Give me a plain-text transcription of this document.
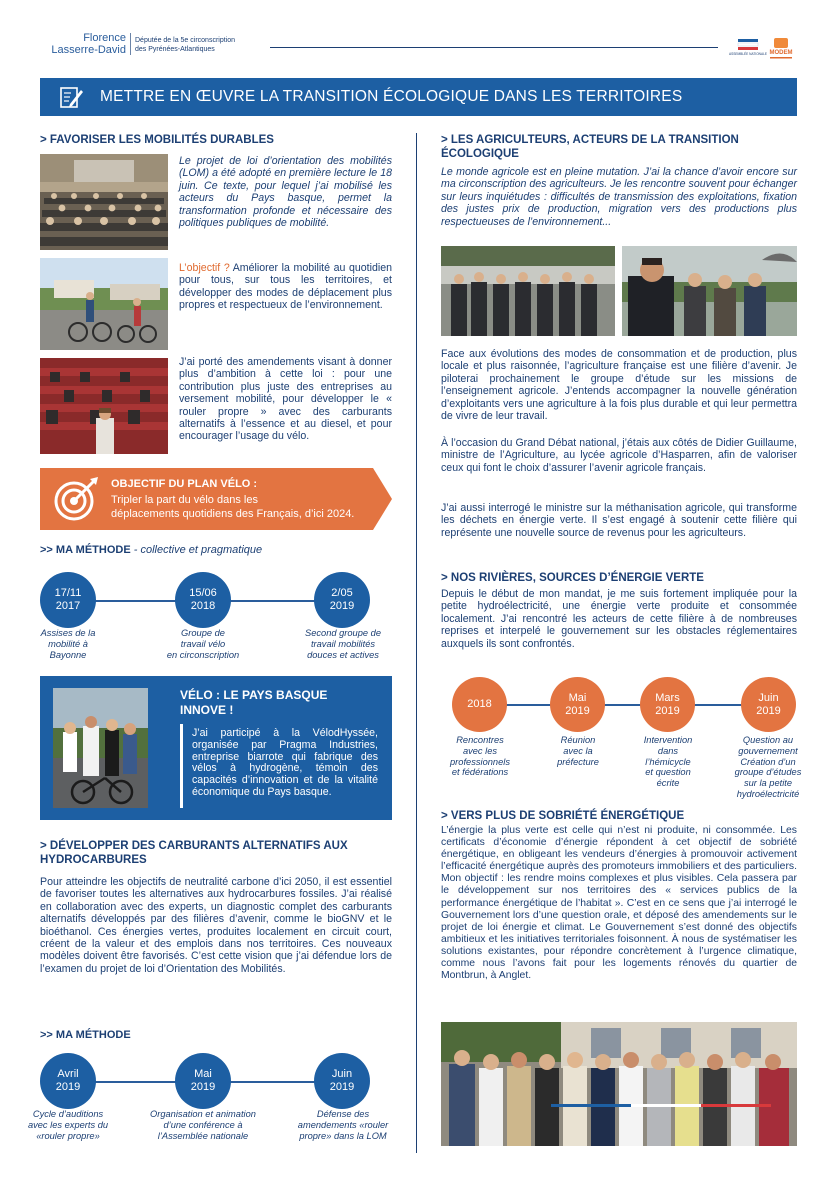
Florence
Lasserre-David
Députée de la 5e circonscription
des Pyrénées-Atlantiques
ASSEMBLÉE NATIONALE MODEM
METTRE EN ŒUVRE LA TRANSITION ÉCOLOGIQUE DANS LES TERRITOIRES
> FAVORISER LES MOBILITÉS DURABLES
Le projet de loi d’orientation des mobilités (LOM) a été adopté en première lecture le 18 juin. Ce texte, pour lequel j’ai mobilisé les acteurs du Pays basque, permet la transformation profonde et nécessaire des politiques publiques de mobilité.
L’objectif ? Améliorer la mobilité au quotidien pour tous, sur tous les territoires, et développer des modes de déplacement plus propres et respectueux de l’environnement.
J’ai porté des amendements visant à donner plus d’ambition à cette loi : pour une contribution plus juste des entreprises au versement mobilité, pour développer le « rouler propre » avec des carburants alternatifs à l’essence et au diesel, et pour encourager l’usage du vélo.
OBJECTIF DU PLAN VÉLO :
Tripler la part du vélo dans les
déplacements quotidiens des Français, d’ici 2024.
>> MA MÉTHODE - collective et pragmatique
17/11
2017
15/06
2018
2/05
2019
Assises de la
mobilité à
Bayonne
Groupe de
travail vélo
en circonscription
Second groupe de
travail mobilités
douces et actives
VÉLO : LE PAYS BASQUE
INNOVE !
J’ai participé à la VélodHyssée, organisée par Pragma Industries, entreprise biarrote qui fabrique des vélos à hydrogène, témoin des capacités d’innovation et de la vitalité économique du Pays basque.
> DÉVELOPPER DES CARBURANTS ALTERNATIFS AUX
HYDROCARBURES
Pour atteindre les objectifs de neutralité carbone d’ici 2050, il est essentiel de favoriser toutes les alternatives aux hydrocarbures fossiles. J’ai réalisé en collaboration avec des experts, un diagnostic complet des carburants alternatifs développés par des filières d’avenir, comme le bioGNV et le bioéthanol. Ces énergies vertes, produites localement en circuit court, créent de la valeur et des emplois dans nos territoires. Ces nouveaux modèles doivent être favorisés. C’est cette vision que j’ai défendue lors de l’examen du projet de loi d’Orientation des Mobilités.
>> MA MÉTHODE
Avril
2019
Mai
2019
Juin
2019
Cycle d’auditions
avec les experts du
«rouler propre»
Organisation et animation
d’une conférence à
l’Assemblée nationale
Défense des
amendements «rouler
propre» dans la LOM
> LES AGRICULTEURS, ACTEURS DE LA TRANSITION
ÉCOLOGIQUE
Le monde agricole est en pleine mutation. J’ai la chance d’avoir encore sur ma circonscription des agriculteurs. Je les rencontre souvent pour échanger sur leurs inquiétudes : difficultés de transmission des exploitations, fixation des justes prix de production, migration vers des productions plus respectueuses de l’environnement...
Face aux évolutions des modes de consommation et de production, plus locale et plus raisonnée, l’agriculture française est une filière d’avenir. Je piloterai prochainement le groupe d’étude sur les missions de l’enseignement agricole. J’entends accompagner la nouvelle génération d’exploitants vers une agriculture à la fois plus durable et qui leur permettra de vivre de leur travail.
À l’occasion du Grand Débat national, j’étais aux côtés de Didier Guillaume, ministre de l’Agriculture, au lycée agricole d’Hasparren, afin de valoriser ceux qui font le choix d’assurer l’avenir agricole français.
J’ai aussi interrogé le ministre sur la méthanisation agricole, qui transforme les déchets en énergie verte. Il s’est engagé à soutenir cette filière qui représente une nouvelle source de revenus pour les agriculteurs.
> NOS RIVIÈRES, SOURCES D’ÉNERGIE VERTE
Depuis le début de mon mandat, je me suis fortement impliquée pour la petite hydroélectricité, une énergie verte produite et consommée localement. J’ai rencontré les acteurs de cette filière à de nombreuses reprises et interpelé le gouvernement sur les obstacles réglementaires auxquels ils sont confrontés.
2018
Mai
2019
Mars
2019
Juin
2019
Rencontres
avec les
professionnels
et fédérations
Réunion
avec la
préfecture
Intervention
dans
l’hémicycle
et question
écrite
Question au
gouvernement
Création d’un
groupe d’études
sur la petite
hydroélectricité
> VERS PLUS DE SOBRIÉTÉ ÉNERGÉTIQUE
L’énergie la plus verte est celle qui n’est ni produite, ni consommée. Les certificats d’économie d’énergie répondent à cet objectif de sobriété énergétique, en obligeant les vendeurs d’énergies à promouvoir activement l’efficacité énergétique auprès des promoteurs immobiliers et des particuliers. Mon objectif : les rendre moins complexes et plus visibles. Cela passera par le développement sur nos territoires des « services publics de la performance énergétique de l’habitat ». C’est en ce sens que j’ai interrogé le Gouvernement lors d’une question orale, et déposé des amendements sur le projet de loi énergie et climat. Le Gouvernement s’est donné des objectifs ambitieux et les initiatives territoriales foisonnent. À nous de systématiser les solutions existantes, pour répondre concrètement à l’urgence climatique, comme nous l’avons fait pour les logements rénovés du quartier de Montbrun, à Anglet.
